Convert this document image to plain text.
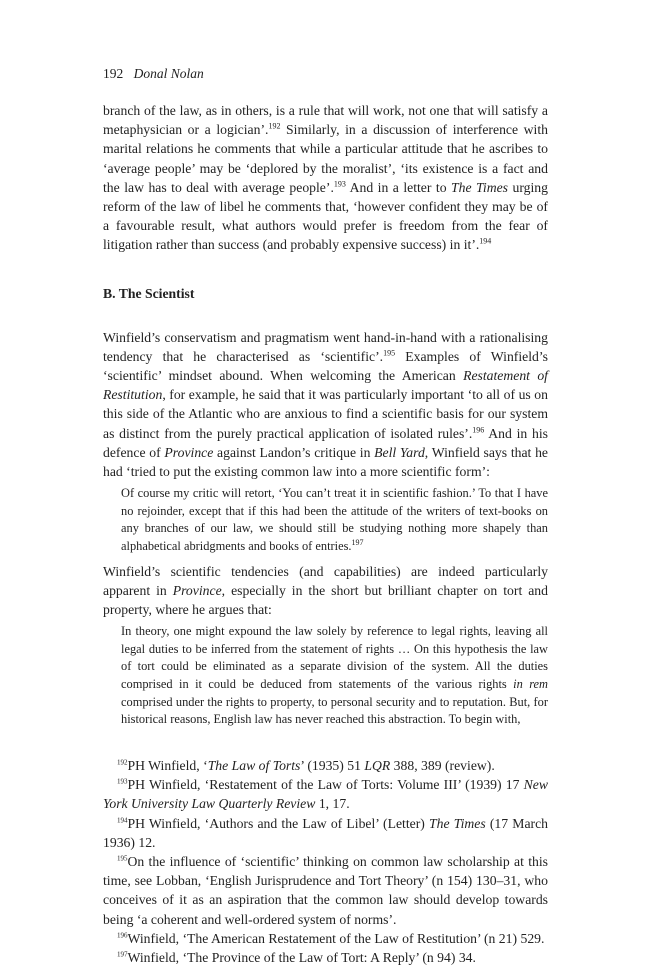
192 Donal Nolan

branch of the law, as in others, is a rule that will work, not one that will satisfy a metaphysician or a logician’.$^{192}$ Similarly, in a discussion of interference with marital relations he comments that while a particular attitude that he ascribes to ‘average people’ may be ‘deplored by the moralist’, ‘its existence is a fact and the law has to deal with average people’.$^{193}$ And in a letter to The Times urging reform of the law of libel he comments that, ‘however confident they may be of a favourable result, what authors would prefer is freedom from the fear of litigation rather than success (and probably expensive success) in it’.$^{194}$

B. The Scientist

Winfield’s conservatism and pragmatism went hand-in-hand with a rationalising tendency that he characterised as ‘scientific’.$^{195}$ Examples of Winfield’s ‘scientific’ mindset abound. When welcoming the American Restatement of Restitution, for example, he said that it was particularly important ‘to all of us on this side of the Atlantic who are anxious to find a scientific basis for our system as distinct from the purely practical application of isolated rules’.$^{196}$ And in his defence of Province against Landon’s critique in Bell Yard, Winfield says that he had ‘tried to put the existing common law into a more scientific form’:

Of course my critic will retort, ‘You can’t treat it in scientific fashion.’ To that I have no rejoinder, except that if this had been the attitude of the writers of text-books on any branches of our law, we should still be studying nothing more shapely than alphabetical abridgments and books of entries.$^{197}$

Winfield’s scientific tendencies (and capabilities) are indeed particularly apparent in Province, especially in the short but brilliant chapter on tort and property, where he argues that:

In theory, one might expound the law solely by reference to legal rights, leaving all legal duties to be inferred from the statement of rights … On this hypothesis the law of tort could be eliminated as a separate division of the system. All the duties comprised in it could be deduced from statements of the various rights in rem comprised under the rights to property, to personal security and to reputation. But, for historical reasons, English law has never reached this abstraction. To begin with,

$^{192}$PH Winfield, ‘The Law of Torts’ (1935) 51 LQR 388, 389 (review).

$^{193}$PH Winfield, ‘Restatement of the Law of Torts: Volume III’ (1939) 17 New York University Law Quarterly Review 1, 17.

$^{194}$PH Winfield, ‘Authors and the Law of Libel’ (Letter) The Times (17 March 1936) 12.

$^{195}$On the influence of ‘scientific’ thinking on common law scholarship at this time, see Lobban, ‘English Jurisprudence and Tort Theory’ (n 154) 130–31, who conceives of it as an aspiration that the common law should develop towards being ‘a coherent and well-ordered system of norms’.

$^{196}$Winfield, ‘The American Restatement of the Law of Restitution’ (n 21) 529.

$^{197}$Winfield, ‘The Province of the Law of Tort: A Reply’ (n 94) 34.
